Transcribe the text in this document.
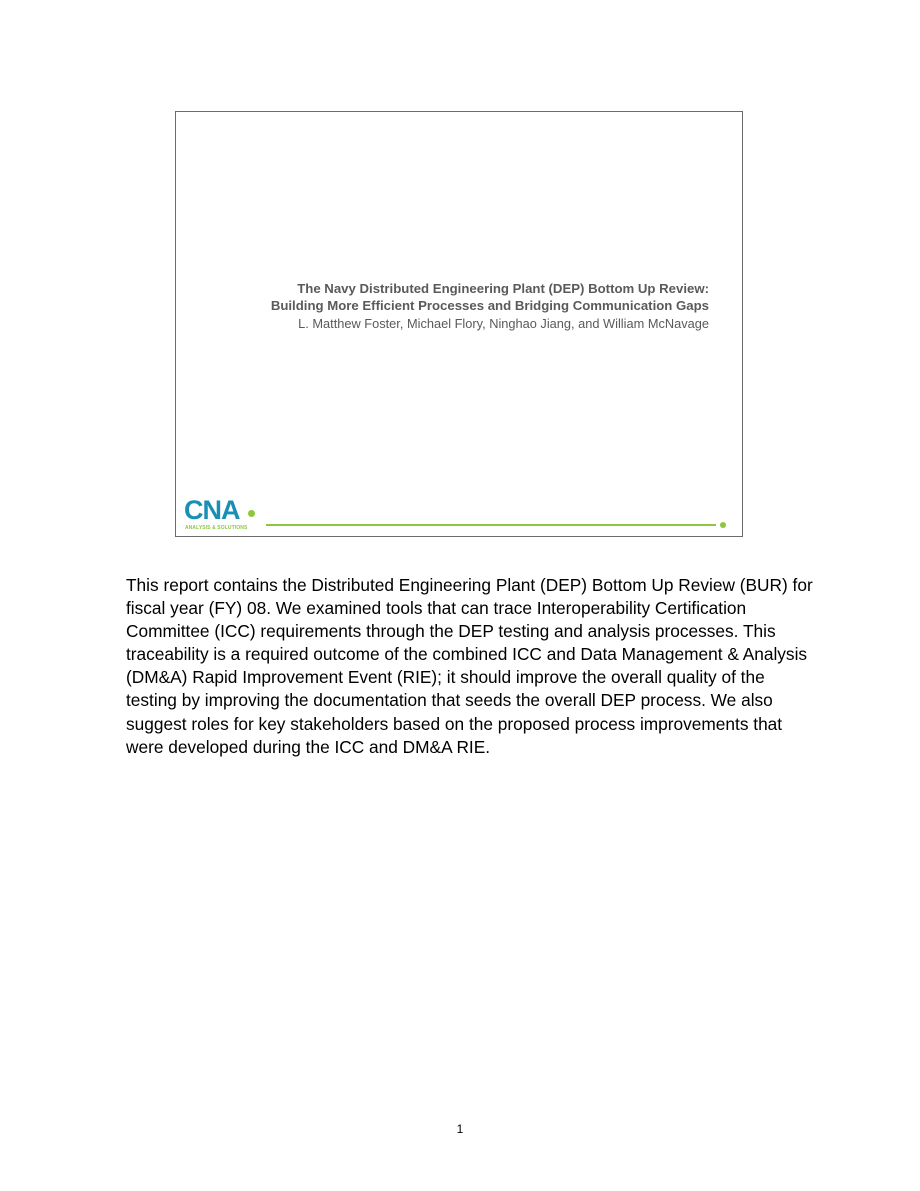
The Navy Distributed Engineering Plant (DEP) Bottom Up Review:
Building More Efficient Processes and Bridging Communication Gaps
L. Matthew Foster, Michael Flory, Ninghao Jiang, and William McNavage
CNA
ANALYSIS & SOLUTIONS

This report contains the Distributed Engineering Plant (DEP) Bottom Up Review (BUR) for fiscal year (FY) 08. We examined tools that can trace Interoperability Certification Committee (ICC) requirements through the DEP testing and analysis processes. This traceability is a required outcome of the combined ICC and Data Management & Analysis (DM&A) Rapid Improvement Event (RIE); it should improve the overall quality of the testing by improving the documentation that seeds the overall DEP process. We also suggest roles for key stakeholders based on the proposed process improvements that were developed during the ICC and DM&A RIE.

1
